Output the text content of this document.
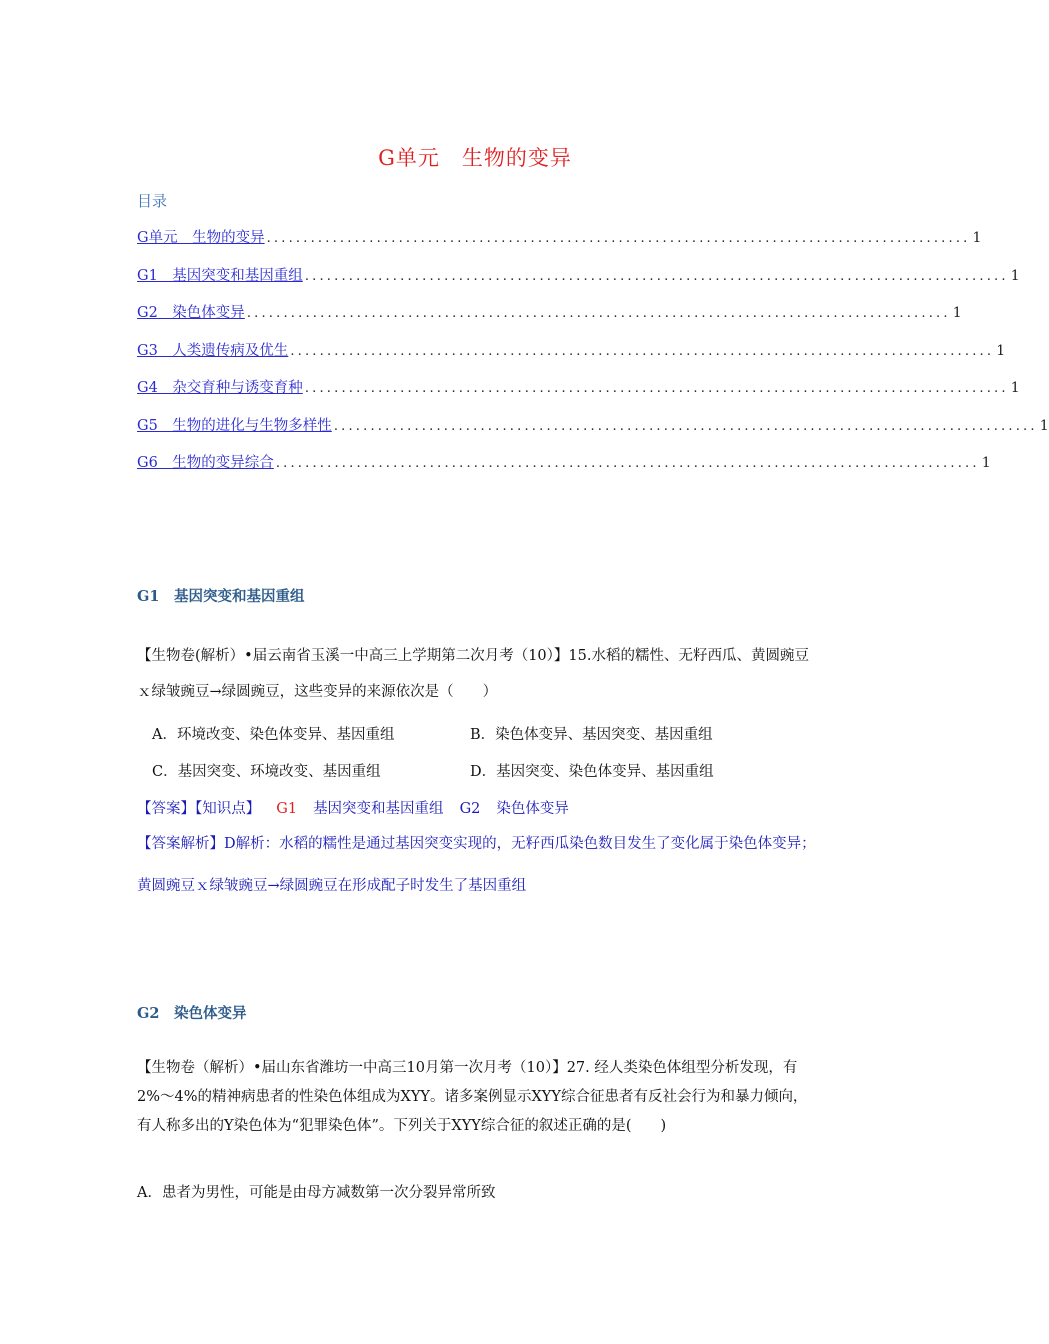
G单元　生物的变异
目录
G单元　生物的变异 ................................................................................................ 1
G1　基因突变和基因重组 ................................................................................................ 1
G2　染色体变异 ................................................................................................ 1
G3　人类遗传病及优生 ................................................................................................ 1
G4　杂交育种与诱变育种 ................................................................................................ 1
G5　生物的进化与生物多样性 ................................................................................................ 1
G6　生物的变异综合 ................................................................................................ 1
G1　基因突变和基因重组
【生物卷(解析）•届云南省玉溪一中高三上学期第二次月考（10）】15.水稻的糯性、无籽西瓜、黄圆豌豆ｘ绿皱豌豆→绿圆豌豆，这些变异的来源依次是（　　）
A．环境改变、染色体变异、基因重组	B．染色体变异、基因突变、基因重组
C．基因突变、环境改变、基因重组	D．基因突变、染色体变异、基因重组
【答案】【知识点】 G1 基因突变和基因重组 G2 染色体变异
【答案解析】D解析：水稻的糯性是通过基因突变实现的，无籽西瓜染色数目发生了变化属于染色体变异；黄圆豌豆ｘ绿皱豌豆→绿圆豌豆在形成配子时发生了基因重组
G2　染色体变异
【生物卷（解析）•届山东省潍坊一中高三10月第一次月考（10）】27. 经人类染色体组型分析发现，有2%～4%的精神病患者的性染色体组成为XYY。诸多案例显示XYY综合征患者有反社会行为和暴力倾向，有人称多出的Y染色体为“犯罪染色体”。下列关于XYY综合征的叙述正确的是(　　)
A．患者为男性，可能是由母方减数第一次分裂异常所致
